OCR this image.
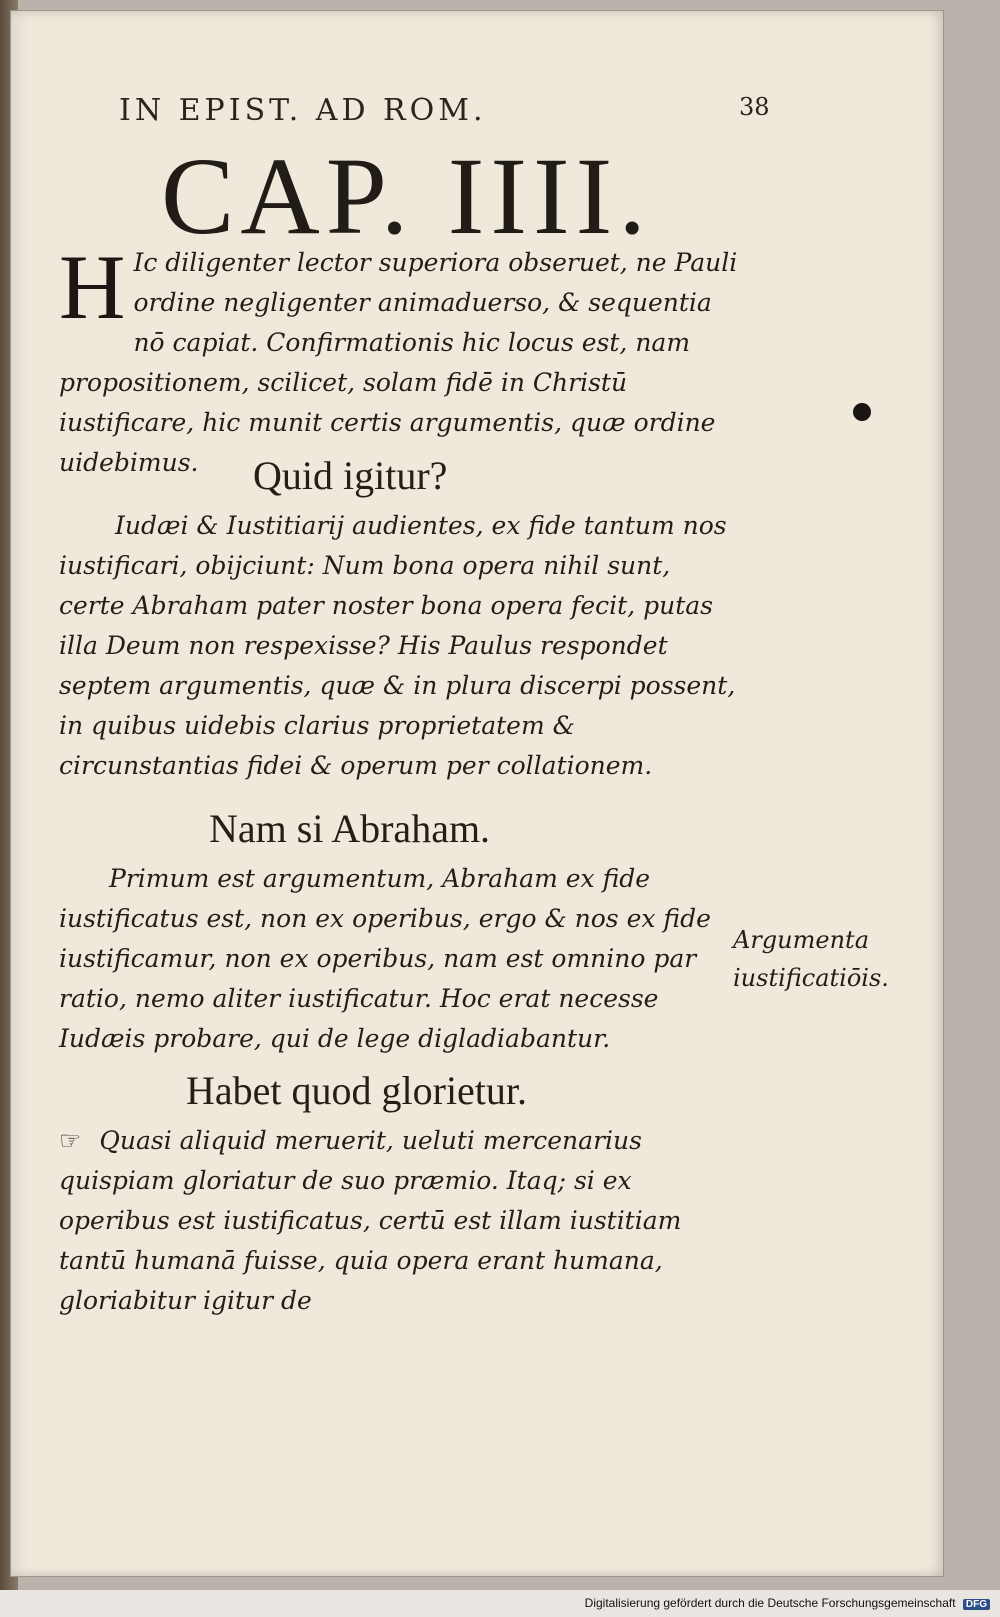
IN EPIST. AD ROM.	38
CAP. IIII.
H Ic diligenter lector superiora obseruet, ne Pauli ordine negligenter animaduerso, & sequentia nō capiat. Confirmationis hic locus est, nam propositionem, scilicet, solam fidē in Christū iustificare, hic munit certis argumentis, quæ ordine uidebimus.	Quid igitur?
Iudæi & Iustitiarij audientes, ex fide tantum nos iustificari, obijciunt: Num bona opera nihil sunt, certe Abraham pater noster bona opera fecit, putas illa Deum non respexisse? His Paulus respondet septem argumentis, quæ & in plura discerpi possent, in quibus uidebis clarius proprietatem & circunstantias fidei & operum per collationem.
Nam si Abraham.
Primum est argumentum, Abraham ex fide iustificatus est, non ex operibus, ergo & nos ex fide iustificamur, non ex operibus, nam est omnino par ratio, nemo aliter iustificatur. Hoc erat necesse Iudæis probare, qui de lege digladiabantur.
Argumenta iustificatiōis.
Habet quod glorietur.
☞ Quasi aliquid meruerit, ueluti mercenarius quispiam gloriatur de suo præmio. Itaq; si ex operibus est iustificatus, certū est illam iustitiam tantū humanā fuisse, quia opera erant humana, gloriabitur igitur de
Digitalisierung gefördert durch die Deutsche Forschungsgemeinschaft DFG
